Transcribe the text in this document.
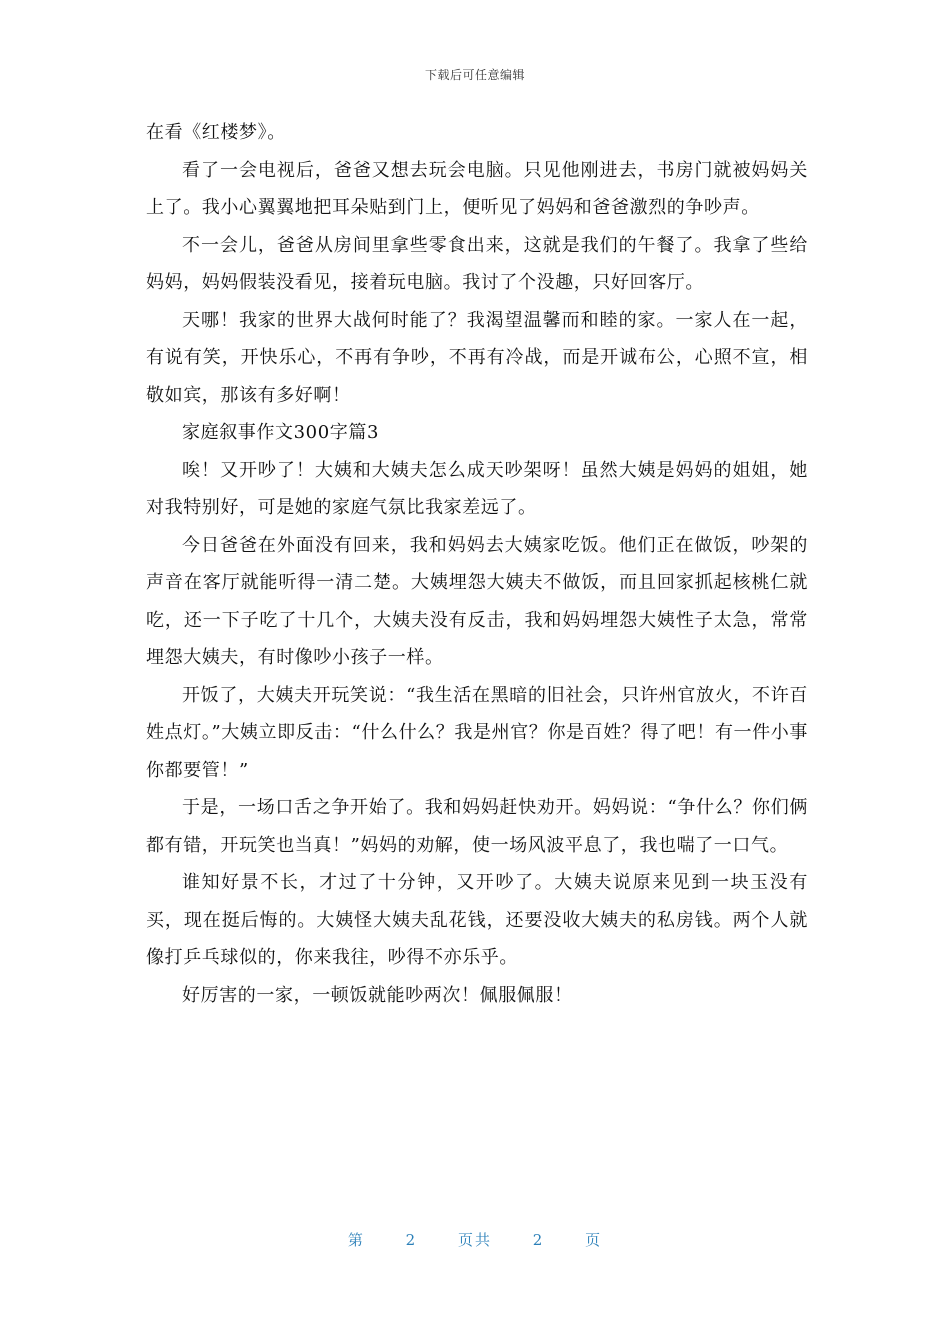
下载后可任意编辑

在看《红楼梦》。

看了一会电视后，爸爸又想去玩会电脑。只见他刚进去，书房门就被妈妈关上了。我小心翼翼地把耳朵贴到门上，便听见了妈妈和爸爸激烈的争吵声。

不一会儿，爸爸从房间里拿些零食出来，这就是我们的午餐了。我拿了些给妈妈，妈妈假装没看见，接着玩电脑。我讨了个没趣，只好回客厅。

天哪！我家的世界大战何时能了？我渴望温馨而和睦的家。一家人在一起，有说有笑，开快乐心，不再有争吵，不再有冷战，而是开诚布公，心照不宣，相敬如宾，那该有多好啊！

家庭叙事作文300字篇3

唉！又开吵了！大姨和大姨夫怎么成天吵架呀！虽然大姨是妈妈的姐姐，她对我特别好，可是她的家庭气氛比我家差远了。

今日爸爸在外面没有回来，我和妈妈去大姨家吃饭。他们正在做饭，吵架的声音在客厅就能听得一清二楚。大姨埋怨大姨夫不做饭，而且回家抓起核桃仁就吃，还一下子吃了十几个，大姨夫没有反击，我和妈妈埋怨大姨性子太急，常常埋怨大姨夫，有时像吵小孩子一样。

开饭了，大姨夫开玩笑说：“我生活在黑暗的旧社会，只许州官放火，不许百姓点灯。”大姨立即反击：“什么什么？我是州官？你是百姓？得了吧！有一件小事你都要管！”

于是，一场口舌之争开始了。我和妈妈赶快劝开。妈妈说：“争什么？你们俩都有错，开玩笑也当真！”妈妈的劝解，使一场风波平息了，我也喘了一口气。

谁知好景不长，才过了十分钟，又开吵了。大姨夫说原来见到一块玉没有买，现在挺后悔的。大姨怪大姨夫乱花钱，还要没收大姨夫的私房钱。两个人就像打乒乓球似的，你来我往，吵得不亦乐乎。

好厉害的一家，一顿饭就能吵两次！佩服佩服！

第	2	页共	2	页
